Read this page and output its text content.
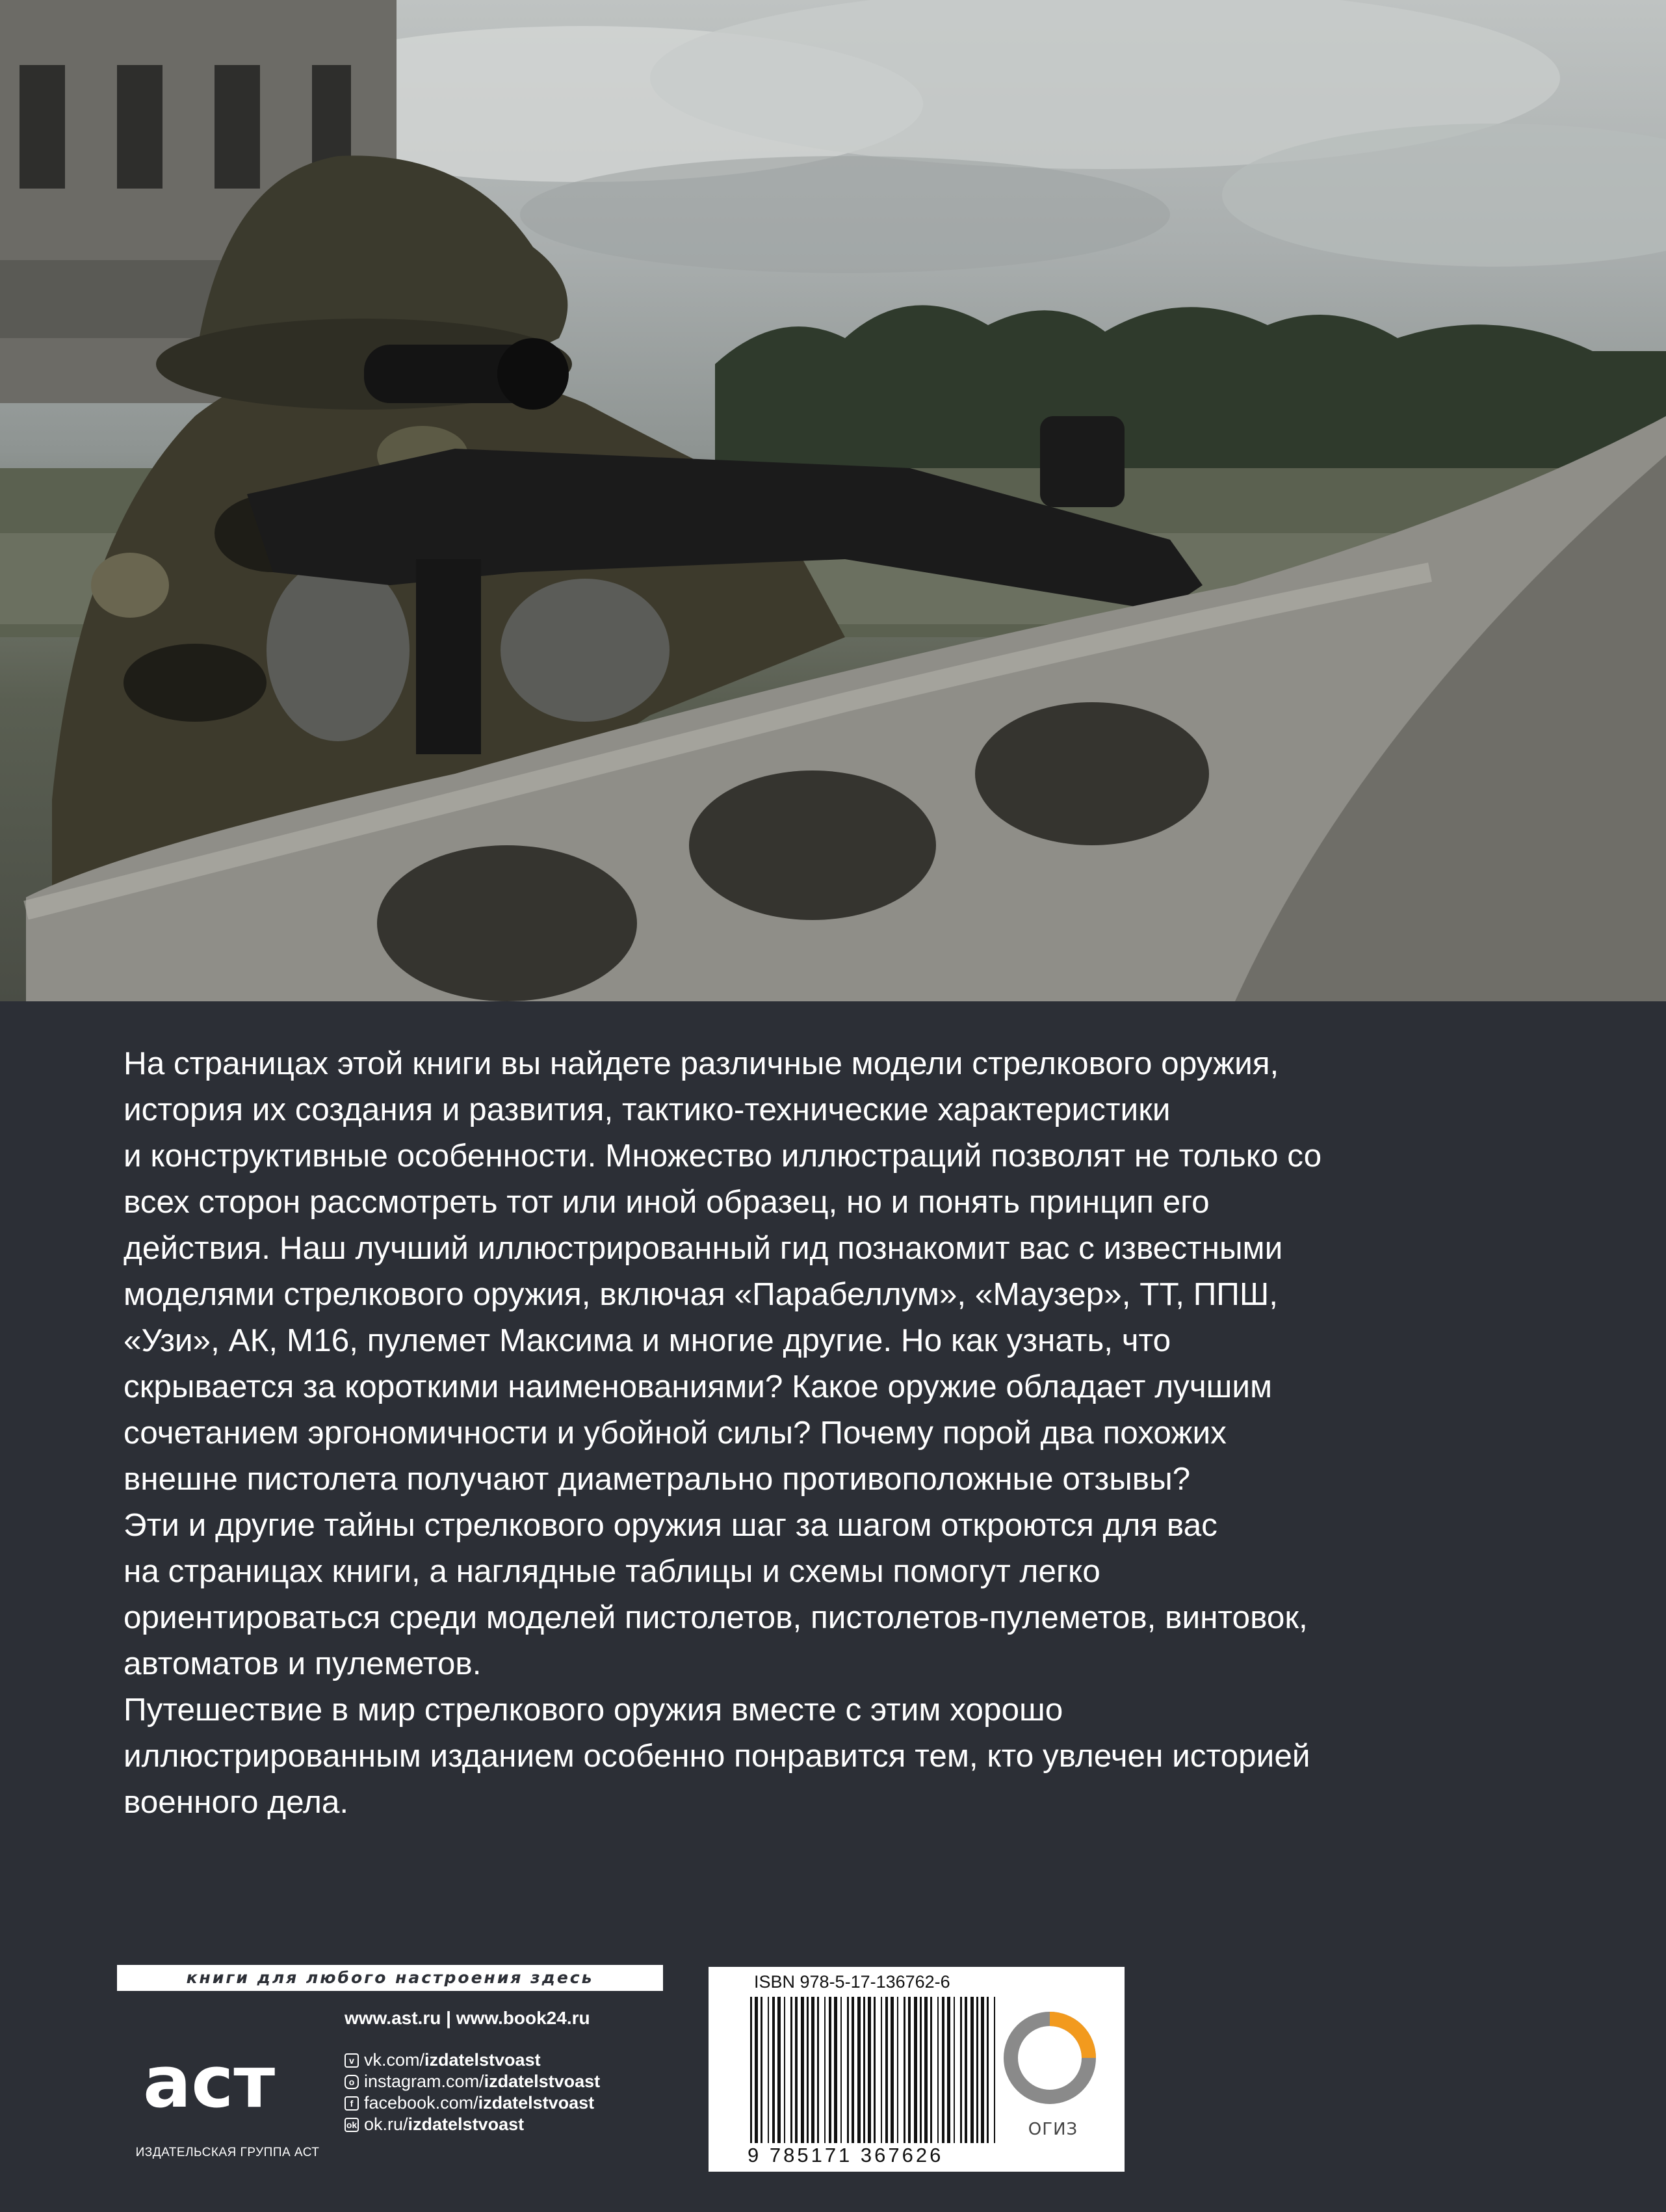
На страницах этой книги вы найдете различные модели стрелкового оружия,

история их создания и развития, тактико-технические характеристики

и конструктивные особенности. Множество иллюстраций позволят не только со

всех сторон рассмотреть тот или иной образец, но и понять принцип его

действия. Наш лучший иллюстрированный гид познакомит вас с известными

моделями стрелкового оружия, включая «Парабеллум», «Маузер», ТТ, ППШ,

«Узи», АК, М16, пулемет Максима и многие другие. Но как узнать, что

скрывается за короткими наименованиями? Какое оружие обладает лучшим

сочетанием эргономичности и убойной силы? Почему порой два похожих

внешне пистолета получают диаметрально противоположные отзывы?

Эти и другие тайны стрелкового оружия шаг за шагом откроются для вас

на страницах книги, а наглядные таблицы и схемы помогут легко

ориентироваться среди моделей пистолетов, пистолетов-пулеметов, винтовок,

автоматов и пулеметов.

Путешествие в мир стрелкового оружия вместе с этим хорошо

иллюстрированным изданием особенно понравится тем, кто увлечен историей

военного дела.

книги для любого настроения здесь
аст
ИЗДАТЕЛЬСКАЯ ГРУППА АСТ
www.ast.ru | www.book24.ru
v vk.com/ izdatelstvoast
o instagram.com/ izdatelstvoast
f facebook.com/ izdatelstvoast
ok ok.ru/ izdatelstvoast
ISBN 978-5-17-136762-6
9 785171 367626
ОГИЗ
